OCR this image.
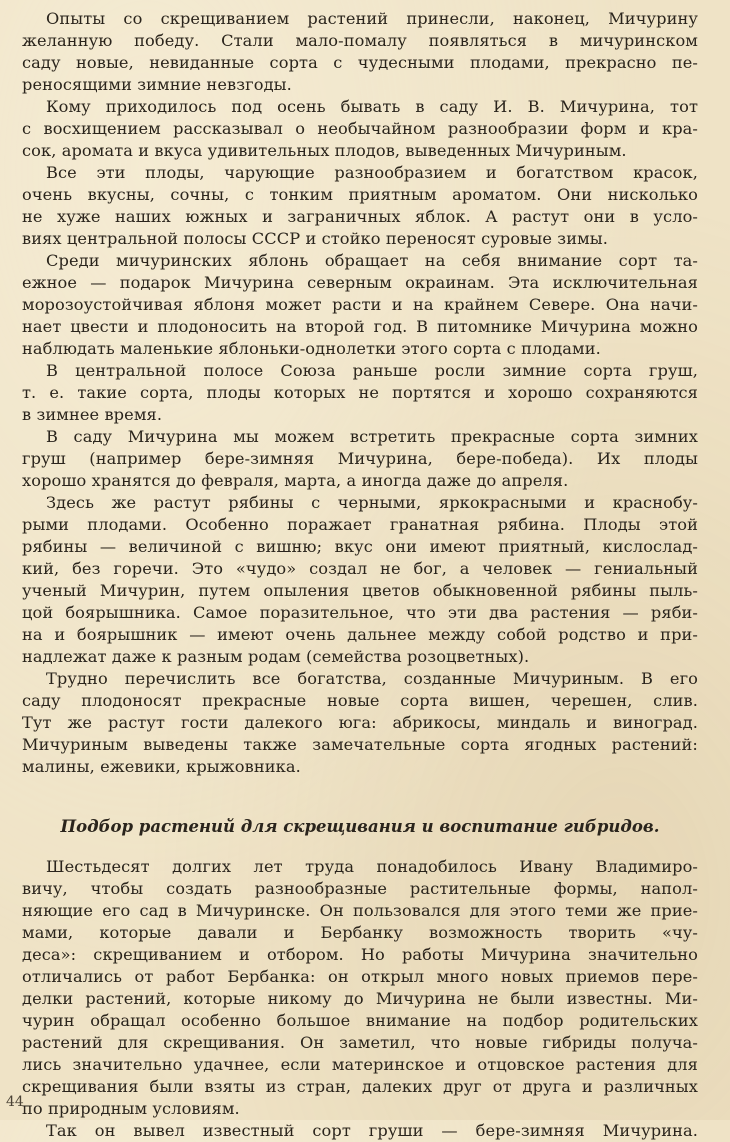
Опыты со скрещиванием растений принесли, наконец, Мичурину
желанную победу. Стали мало-помалу появляться в мичуринском
саду новые, невиданные сорта с чудесными плодами, прекрасно пе-
реносящими зимние невзгоды.
Кому приходилось под осень бывать в саду И. В. Мичурина, тот
с восхищением рассказывал о необычайном разнообразии форм и кра-
сок, аромата и вкуса удивительных плодов, выведенных Мичуриным.
Все эти плоды, чарующие разнообразием и богатством красок,
очень вкусны, сочны, с тонким приятным ароматом. Они нисколько
не хуже наших южных и заграничных яблок. А растут они в усло-
виях центральной полосы СССР и стойко переносят суровые зимы.
Среди мичуринских яблонь обращает на себя внимание сорт та-
ежное — подарок Мичурина северным окраинам. Эта исключительная
морозоустойчивая яблоня может расти и на крайнем Севере. Она начи-
нает цвести и плодоносить на второй год. В питомнике Мичурина можно
наблюдать маленькие яблоньки-однолетки этого сорта с плодами.
В центральной полосе Союза раньше росли зимние сорта груш,
т. е. такие сорта, плоды которых не портятся и хорошо сохраняются
в зимнее время.
В саду Мичурина мы можем встретить прекрасные сорта зимних
груш (например бере-зимняя Мичурина, бере-победа). Их плоды
хорошо хранятся до февраля, марта, а иногда даже до апреля.
Здесь же растут рябины с черными, яркокрасными и краснобу-
рыми плодами. Особенно поражает гранатная рябина. Плоды этой
рябины — величиной с вишню; вкус они имеют приятный, кислослад-
кий, без горечи. Это «чудо» создал не бог, а человек — гениальный
ученый Мичурин, путем опыления цветов обыкновенной рябины пыль-
цой боярышника. Самое поразительное, что эти два растения — ряби-
на и боярышник — имеют очень дальнее между собой родство и при-
надлежат даже к разным родам (семейства розоцветных).
Трудно перечислить все богатства, созданные Мичуриным. В его
саду плодоносят прекрасные новые сорта вишен, черешен, слив.
Тут же растут гости далекого юга: абрикосы, миндаль и виноград.
Мичуриным выведены также замечательные сорта ягодных растений:
малины, ежевики, крыжовника.
Подбор растений для скрещивания и воспитание гибридов.
Шестьдесят долгих лет труда понадобилось Ивану Владимиро-
вичу, чтобы создать разнообразные растительные формы, напол-
няющие его сад в Мичуринске. Он пользовался для этого теми же прие-
мами, которые давали и Бербанку возможность творить «чу-
деса»: скрещиванием и отбором. Но работы Мичурина значительно
отличались от работ Бербанка: он открыл много новых приемов пере-
делки растений, которые никому до Мичурина не были известны. Ми-
чурин обращал особенно большое внимание на подбор родительских
растений для скрещивания. Он заметил, что новые гибриды получа-
лись значительно удачнее, если материнское и отцовское растения для
скрещивания были взяты из стран, далеких друг от друга и различных
по природным условиям.
Так он вывел известный сорт груши — бере-зимняя Мичурина.
44
